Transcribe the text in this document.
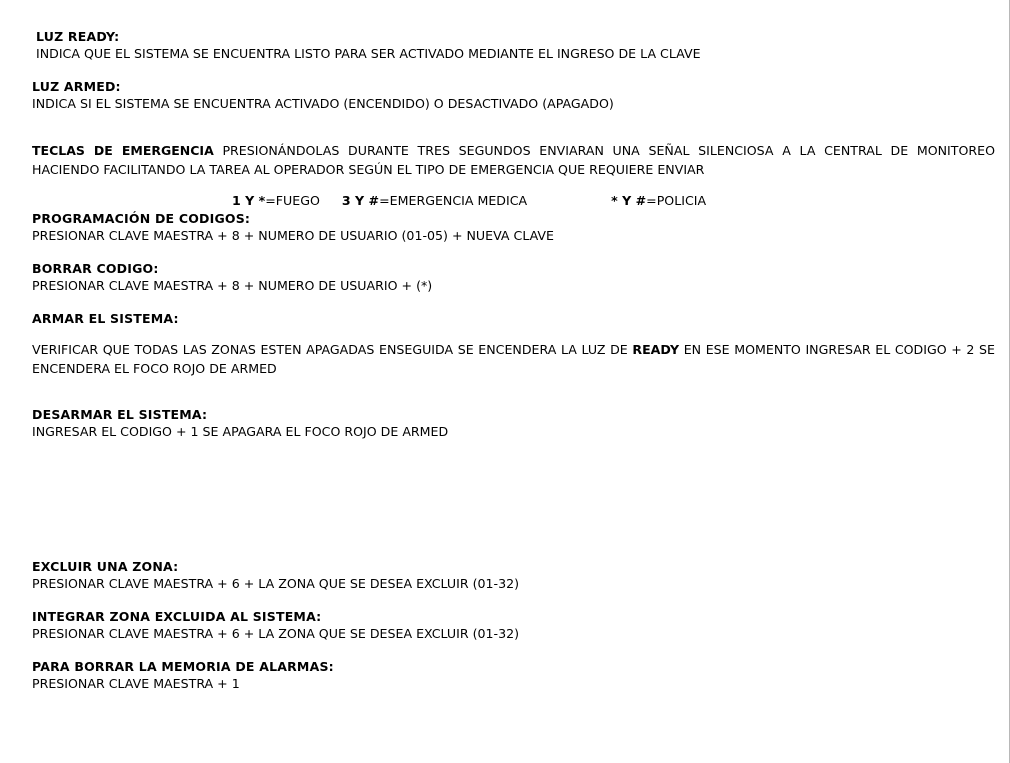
LUZ READY:
INDICA QUE EL SISTEMA SE ENCUENTRA LISTO PARA SER ACTIVADO MEDIANTE EL INGRESO DE LA CLAVE
LUZ ARMED:
INDICA SI EL SISTEMA SE ENCUENTRA ACTIVADO (ENCENDIDO) O DESACTIVADO (APAGADO)

TECLAS DE EMERGENCIA PRESIONÁNDOLAS DURANTE TRES SEGUNDOS ENVIARAN UNA SEÑAL SILENCIOSA A LA CENTRAL DE MONITOREO HACIENDO FACILITANDO LA TAREA AL OPERADOR SEGÚN EL TIPO DE EMERGENCIA QUE REQUIERE ENVIAR

1 Y *=FUEGO 3 Y #=EMERGENCIA MEDICA	* Y #=POLICIA
PROGRAMACIÓN DE CODIGOS:
PRESIONAR CLAVE MAESTRA + 8 + NUMERO DE USUARIO (01-05) + NUEVA CLAVE
BORRAR CODIGO:
PRESIONAR CLAVE MAESTRA + 8 + NUMERO DE USUARIO + (*)
ARMAR EL SISTEMA:

VERIFICAR QUE TODAS LAS ZONAS ESTEN APAGADAS ENSEGUIDA SE ENCENDERA LA LUZ DE READY EN ESE MOMENTO INGRESAR EL CODIGO + 2 SE ENCENDERA EL FOCO ROJO DE ARMED

DESARMAR EL SISTEMA:
INGRESAR EL CODIGO + 1 SE APAGARA EL FOCO ROJO DE ARMED
EXCLUIR UNA ZONA:
PRESIONAR CLAVE MAESTRA + 6 + LA ZONA QUE SE DESEA EXCLUIR (01-32)
INTEGRAR ZONA EXCLUIDA AL SISTEMA:
PRESIONAR CLAVE MAESTRA + 6 + LA ZONA QUE SE DESEA EXCLUIR (01-32)
PARA BORRAR LA MEMORIA DE ALARMAS:
PRESIONAR CLAVE MAESTRA + 1
